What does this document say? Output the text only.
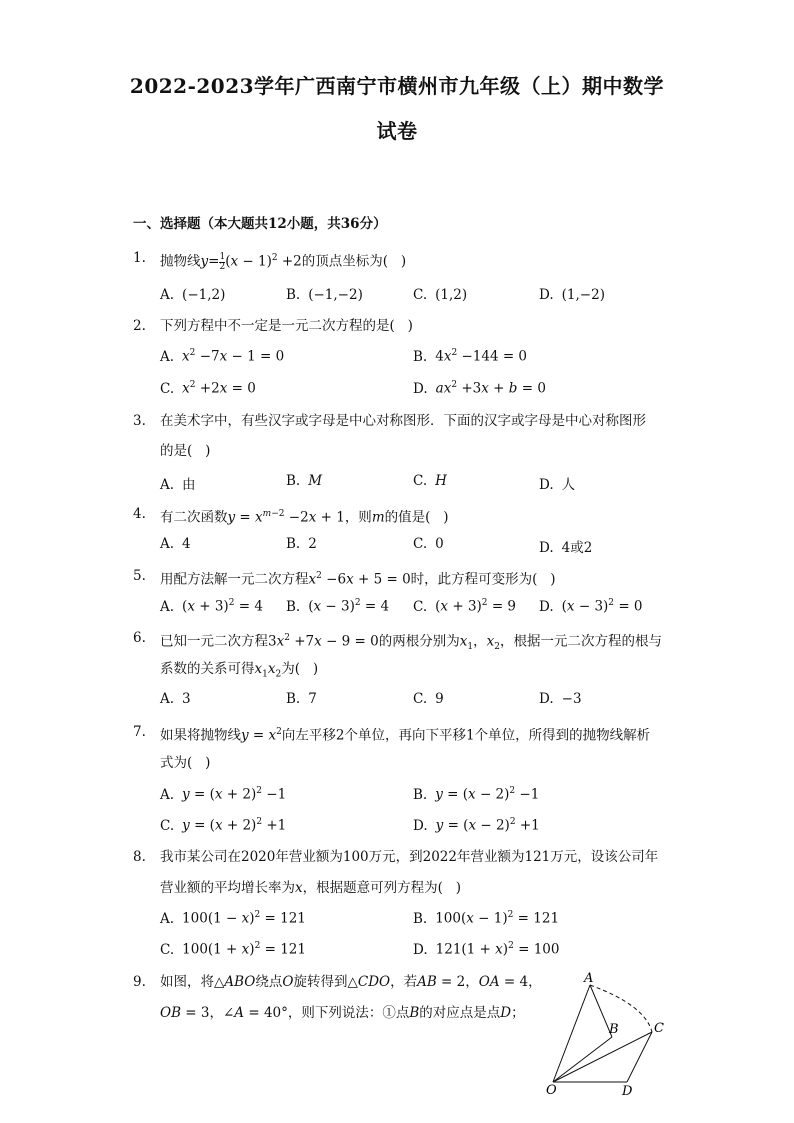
2022-2023学年广西南宁市横州市九年级（上）期中数学
试卷
一、选择题（本大题共12小题，共36分）
1. 抛物线$y= \frac{1}{2} (x - 1)^2 +2$的顶点坐标为(   )
A. (−1,2)	B. (−1,−2)	C. (1,2)	D. (1,−2)
2. 下列方程中不一定是一元二次方程的是(   )
A. $x^2 -7x - 1 = 0$	B. $4x^2 -144 = 0$
C. $x^2 +2x = 0$	D. $ax^2 +3x + b = 0$
3. 在美术字中，有些汉字或字母是中心对称图形．下面的汉字或字母是中心对称图形
的是(   )
A. 由	B. M	C. H	D. 人
4. 有二次函数$y = x^{m-2} -2x + 1$，则m的值是(   )
A. 4	B. 2	C. 0	D. 4或2
5. 用配方法解一元二次方程$x^2 -6x + 5 = 0$时，此方程可变形为(   )
A. $(x + 3)^2 = 4$ B. $(x - 3)^2 = 4$ C. $(x + 3)^2 = 9$ D. $(x - 3)^2 = 0$
6. 已知一元二次方程$3x^2 +7x - 9 = 0$的两根分别为$x_1$，$x_2$，根据一元二次方程的根与
系数的关系可得$x_1x_2$为(   )
A. 3	B. 7	C. 9	D. −3
7. 如果将抛物线$y = x^2$向左平移2个单位，再向下平移1个单位，所得到的抛物线解析
式为(   )
A. $y = (x + 2)^2 -1$	B. $y = (x - 2)^2 -1$
C. $y = (x + 2)^2 +1$	D. $y = (x - 2)^2 +1$
8. 我市某公司在2020年营业额为100万元，到2022年营业额为121万元，设该公司年
营业额的平均增长率为x，根据题意可列方程为(   )
A. $100(1 - x)^2 = 121$	B. $100(x - 1)^2 = 121$
C. $100(1 + x)^2 = 121$	D. $121(1 + x)^2 = 100$
9. 如图，将△ABO绕点O旋转得到△CDO，若AB = 2，OA = 4，
OB = 3，∠A = 40°，则下列说法：①点B的对应点是点D；
A
B	C
O	D
